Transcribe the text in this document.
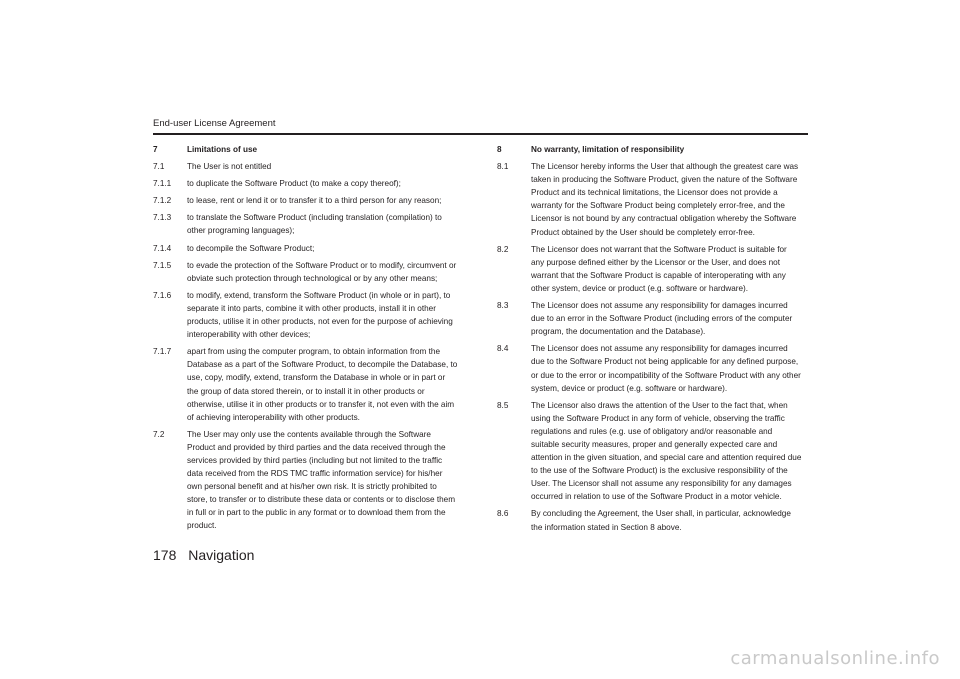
End-user License Agreement
7	Limitations of use
7.1	The User is not entitled
7.1.1	to duplicate the Software Product (to make a copy thereof);
7.1.2	to lease, rent or lend it or to transfer it to a third person for any reason;
7.1.3	to translate the Software Product (including translation (compilation) to other programing languages);
7.1.4	to decompile the Software Product;
7.1.5	to evade the protection of the Software Product or to modify, circumvent or obviate such protection through technological or by any other means;
7.1.6	to modify, extend, transform the Software Product (in whole or in part), to separate it into parts, combine it with other products, install it in other products, utilise it in other products, not even for the purpose of achieving interoperability with other devices;
7.1.7	apart from using the computer program, to obtain information from the Database as a part of the Software Product, to decompile the Database, to use, copy, modify, extend, transform the Database in whole or in part or the group of data stored therein, or to install it in other products or otherwise, utilise it in other products or to transfer it, not even with the aim of achieving interoperability with other products.
7.2	The User may only use the contents available through the Software Product and provided by third parties and the data received through the services provided by third parties (including but not limited to the traffic data received from the RDS TMC traffic information service) for his/her own personal benefit and at his/her own risk. It is strictly prohibited to store, to transfer or to distribute these data or contents or to disclose them in full or in part to the public in any format or to download them from the product.
8	No warranty, limitation of responsibility
8.1	The Licensor hereby informs the User that although the greatest care was taken in producing the Software Product, given the nature of the Software Product and its technical limitations, the Licensor does not provide a warranty for the Software Product being completely error-free, and the Licensor is not bound by any contractual obligation whereby the Software Product obtained by the User should be completely error-free.
8.2	The Licensor does not warrant that the Software Product is suitable for any purpose defined either by the Licensor or the User, and does not warrant that the Software Product is capable of interoperating with any other system, device or product (e.g. software or hardware).
8.3	The Licensor does not assume any responsibility for damages incurred due to an error in the Software Product (including errors of the computer program, the documentation and the Database).
8.4	The Licensor does not assume any responsibility for damages incurred due to the Software Product not being applicable for any defined purpose, or due to the error or incompatibility of the Software Product with any other system, device or product (e.g. software or hardware).
8.5	The Licensor also draws the attention of the User to the fact that, when using the Software Product in any form of vehicle, observing the traffic regulations and rules (e.g. use of obligatory and/or reasonable and suitable security measures, proper and generally expected care and attention in the given situation, and special care and attention required due to the use of the Software Product) is the exclusive responsibility of the User. The Licensor shall not assume any responsibility for any damages occurred in relation to use of the Software Product in a motor vehicle.
8.6	By concluding the Agreement, the User shall, in particular, acknowledge the information stated in Section 8 above.
178 Navigation
carmanualsonline.info
